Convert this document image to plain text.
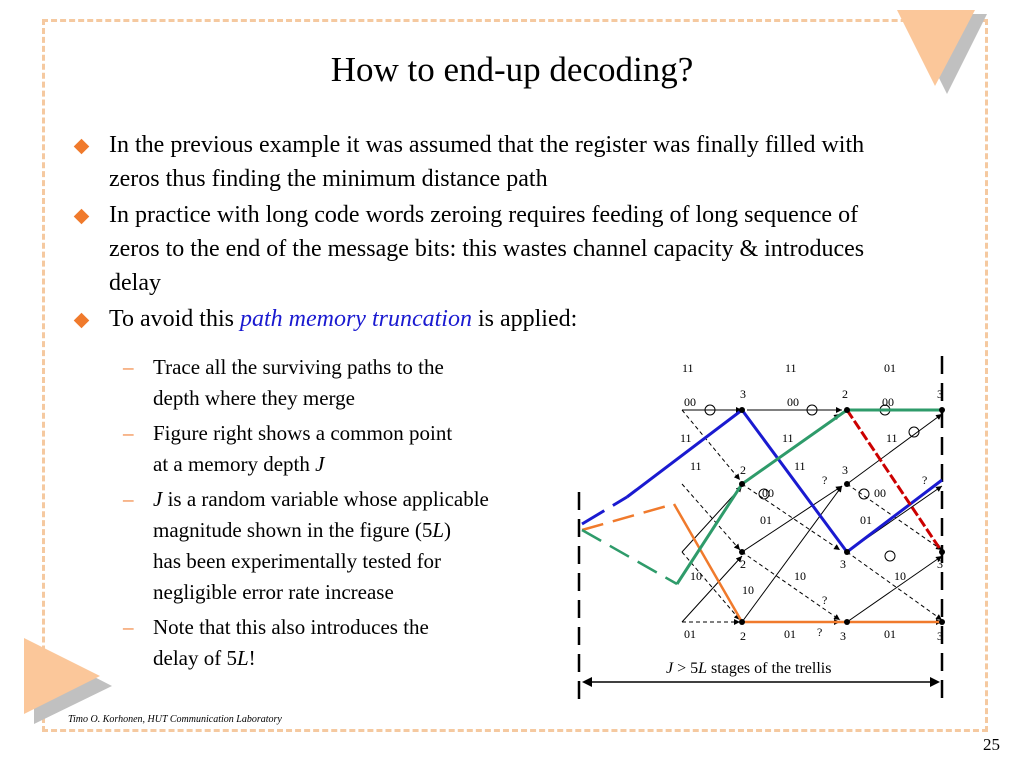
How to end-up decoding?
In the previous example it was assumed that the register was finally filled with zeros thus finding the minimum distance path
In practice with long code words zeroing requires feeding of long sequence of zeros to the end of the message bits: this wastes channel capacity & introduces delay
To avoid this path memory truncation is applied:
– Trace all the surviving paths to the
depth where they merge
– Figure right shows a common point
at a memory depth J
– J is a random variable whose applicable
magnitude shown in the figure (5L)
has been experimentally tested for
negligible error rate increase
– Note that this also introduces the
delay of 5L!
11	11	01
00	00	00
00	00
11	11	11
11	11
01	01
01	01	01
10	10	10
10
3	2	3
2	3
2	3
2	3
3
3
?
?
?
?
J > 5L stages of the trellis
Timo O. Korhonen, HUT Communication Laboratory
25
